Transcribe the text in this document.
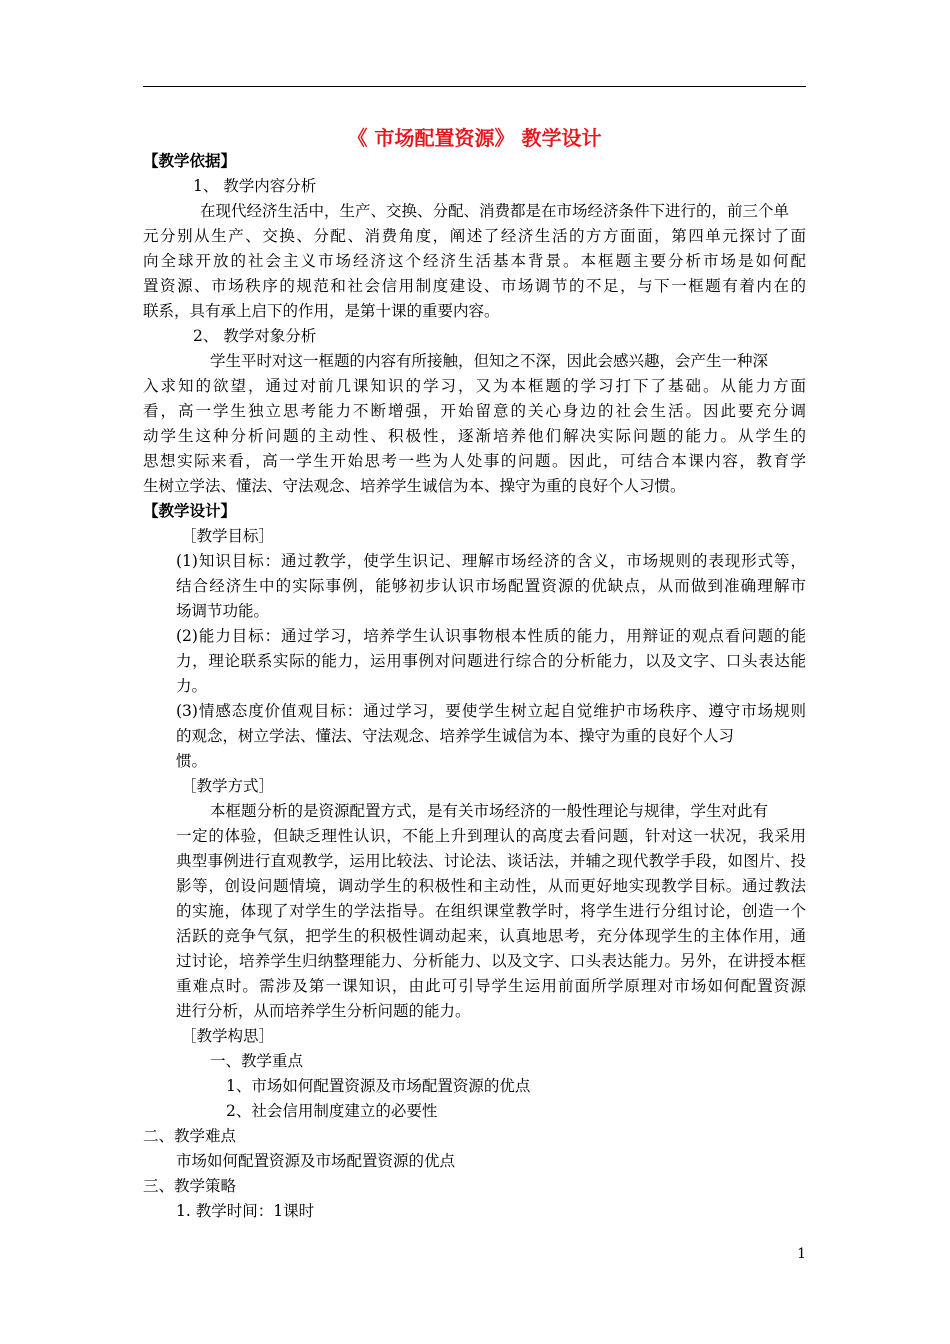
《 市场配置资源》 教学设计
【教学依据】
1、 教学内容分析
在现代经济生活中，生产、交换、分配、消费都是在市场经济条件下进行的，前三个单
元分别从生产、交换、分配、消费角度，阐述了经济生活的方方面面，第四单元探讨了面
向全球开放的社会主义市场经济这个经济生活基本背景。本框题主要分析市场是如何配
置资源、市场秩序的规范和社会信用制度建设、市场调节的不足，与下一框题有着内在的
联系，具有承上启下的作用，是第十课的重要内容。
2、 教学对象分析
学生平时对这一框题的内容有所接触，但知之不深，因此会感兴趣，会产生一种深
入求知的欲望，通过对前几课知识的学习，又为本框题的学习打下了基础。从能力方面
看，高一学生独立思考能力不断增强，开始留意的关心身边的社会生活。因此要充分调
动学生这种分析问题的主动性、积极性，逐渐培养他们解决实际问题的能力。从学生的
思想实际来看，高一学生开始思考一些为人处事的问题。因此，可结合本课内容，教育学
生树立学法、懂法、守法观念、培养学生诚信为本、操守为重的良好个人习惯。
【教学设计】
［教学目标］
(1)知识目标：通过教学，使学生识记、理解市场经济的含义，市场规则的表现形式等，
结合经济生中的实际事例，能够初步认识市场配置资源的优缺点，从而做到准确理解市
场调节功能。
(2)能力目标：通过学习，培养学生认识事物根本性质的能力，用辩证的观点看问题的能
力，理论联系实际的能力，运用事例对问题进行综合的分析能力，以及文字、口头表达能
力。
(3)情感态度价值观目标：通过学习，要使学生树立起自觉维护市场秩序、遵守市场规则
的观念，树立学法、懂法、守法观念、培养学生诚信为本、操守为重的良好个人习
惯。
［教学方式］
本框题分析的是资源配置方式，是有关市场经济的一般性理论与规律，学生对此有
一定的体验，但缺乏理性认识，不能上升到理认的高度去看问题，针对这一状况，我采用
典型事例进行直观教学，运用比较法、讨论法、谈话法，并辅之现代教学手段，如图片、投
影等，创设问题情境，调动学生的积极性和主动性，从而更好地实现教学目标。通过教法
的实施，体现了对学生的学法指导。在组织课堂教学时，将学生进行分组讨论，创造一个
活跃的竞争气氛，把学生的积极性调动起来，认真地思考，充分体现学生的主体作用，通
过讨论，培养学生归纳整理能力、分析能力、以及文字、口头表达能力。另外，在讲授本框
重难点时。需涉及第一课知识，由此可引导学生运用前面所学原理对市场如何配置资源
进行分析，从而培养学生分析问题的能力。
［教学构思］
一、教学重点
1、市场如何配置资源及市场配置资源的优点
2、社会信用制度建立的必要性
二、教学难点
市场如何配置资源及市场配置资源的优点
三、教学策略
1. 教学时间：1课时
1
